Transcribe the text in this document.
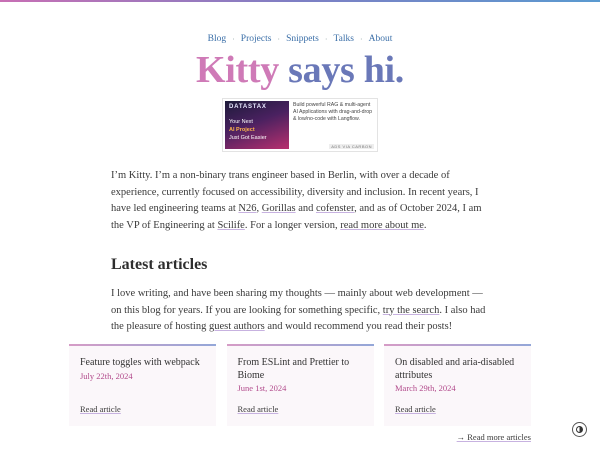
Blog · Projects · Snippets · Talks · About
Kitty says hi.
DATASTAX
Your Next
AI Project
Just Got Easier
Build powerful RAG & multi-agent AI Applications with drag-and-drop & low/no-code with Langflow.
ADS VIA CARBON

I’m Kitty. I’m a non-binary trans engineer based in Berlin, with over a decade of experience, currently focused on accessibility, diversity and inclusion. In recent years, I have led engineering teams at N26, Gorillas and cofenster, and as of October 2024, I am the VP of Engineering at Scilife. For a longer version, read more about me.

Latest articles

I love writing, and have been sharing my thoughts — mainly about web development — on this blog for years. If you are looking for something specific, try the search. I also had the pleasure of hosting guest authors and would recommend you read their posts!

Feature toggles with webpack
July 22th, 2024
Read article
From ESLint and Prettier to Biome
June 1st, 2024
Read article
On disabled and aria-disabled attributes
March 29th, 2024
Read article
→ Read more articles
